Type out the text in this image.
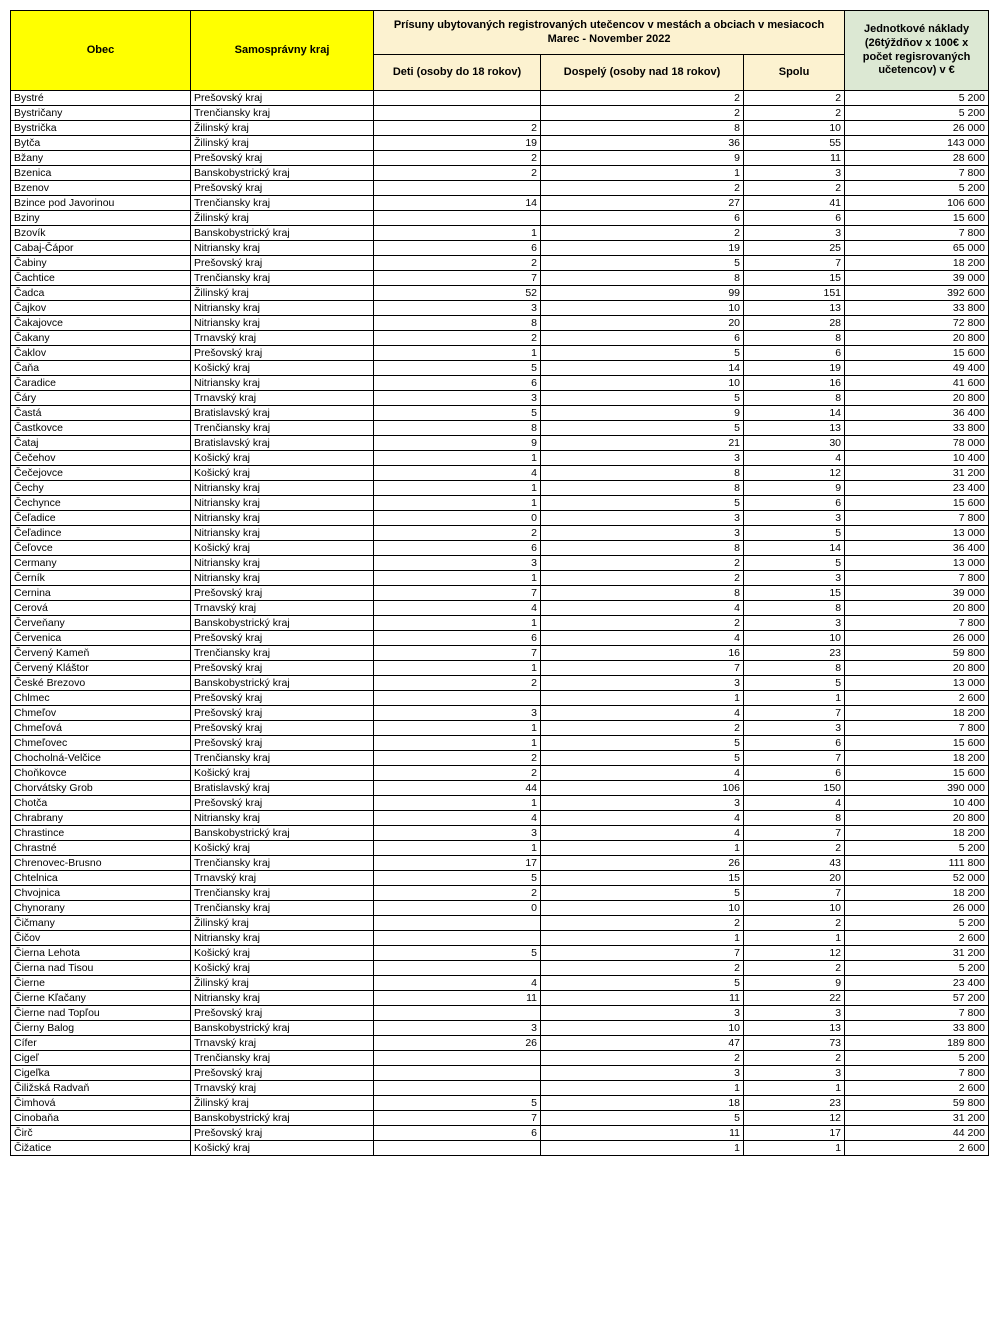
Obec	Samosprávny kraj	Prísuny ubytovaných registrovaných utečencov v mestách a obciach v mesiacoch Marec - November 2022			Jednotkové náklady (26týždňov x 100€ x počet regisrovaných učetencov) v €
		Deti (osoby do 18 rokov)	Dospelý (osoby nad 18 rokov)	Spolu	
Bystré	Prešovský kraj		2	2	5 200
Bystričany	Trenčiansky kraj		2	2	5 200
Bystrička	Žilinský kraj	2	8	10	26 000
Bytča	Žilinský kraj	19	36	55	143 000
Bžany	Prešovský kraj	2	9	11	28 600
Bzenica	Banskobystrický kraj	2	1	3	7 800
Bzenov	Prešovský kraj		2	2	5 200
Bzince pod Javorinou	Trenčiansky kraj	14	27	41	106 600
Bziny	Žilinský kraj		6	6	15 600
Bzovík	Banskobystrický kraj	1	2	3	7 800
Cabaj-Čápor	Nitriansky kraj	6	19	25	65 000
Čabiny	Prešovský kraj	2	5	7	18 200
Čachtice	Trenčiansky kraj	7	8	15	39 000
Čadca	Žilinský kraj	52	99	151	392 600
Čajkov	Nitriansky kraj	3	10	13	33 800
Čakajovce	Nitriansky kraj	8	20	28	72 800
Čakany	Trnavský kraj	2	6	8	20 800
Čaklov	Prešovský kraj	1	5	6	15 600
Čaňa	Košický kraj	5	14	19	49 400
Čaradice	Nitriansky kraj	6	10	16	41 600
Čáry	Trnavský kraj	3	5	8	20 800
Častá	Bratislavský kraj	5	9	14	36 400
Častkovce	Trenčiansky kraj	8	5	13	33 800
Čataj	Bratislavský kraj	9	21	30	78 000
Čečehov	Košický kraj	1	3	4	10 400
Čečejovce	Košický kraj	4	8	12	31 200
Čechy	Nitriansky kraj	1	8	9	23 400
Čechynce	Nitriansky kraj	1	5	6	15 600
Čeľadice	Nitriansky kraj	0	3	3	7 800
Čeľadince	Nitriansky kraj	2	3	5	13 000
Čeľovce	Košický kraj	6	8	14	36 400
Cermany	Nitriansky kraj	3	2	5	13 000
Černík	Nitriansky kraj	1	2	3	7 800
Cernina	Prešovský kraj	7	8	15	39 000
Cerová	Trnavský kraj	4	4	8	20 800
Červeňany	Banskobystrický kraj	1	2	3	7 800
Červenica	Prešovský kraj	6	4	10	26 000
Červený Kameň	Trenčiansky kraj	7	16	23	59 800
Červený Kláštor	Prešovský kraj	1	7	8	20 800
České Brezovo	Banskobystrický kraj	2	3	5	13 000
Chlmec	Prešovský kraj		1	1	2 600
Chmeľov	Prešovský kraj	3	4	7	18 200
Chmeľová	Prešovský kraj	1	2	3	7 800
Chmeľovec	Prešovský kraj	1	5	6	15 600
Chocholná-Velčice	Trenčiansky kraj	2	5	7	18 200
Choňkovce	Košický kraj	2	4	6	15 600
Chorvátsky Grob	Bratislavský kraj	44	106	150	390 000
Chotča	Prešovský kraj	1	3	4	10 400
Chrabrany	Nitriansky kraj	4	4	8	20 800
Chrastince	Banskobystrický kraj	3	4	7	18 200
Chrastné	Košický kraj	1	1	2	5 200
Chrenovec-Brusno	Trenčiansky kraj	17	26	43	111 800
Chtelnica	Trnavský kraj	5	15	20	52 000
Chvojnica	Trenčiansky kraj	2	5	7	18 200
Chynorany	Trenčiansky kraj	0	10	10	26 000
Čičmany	Žilinský kraj		2	2	5 200
Čičov	Nitriansky kraj		1	1	2 600
Čierna Lehota	Košický kraj	5	7	12	31 200
Čierna nad Tisou	Košický kraj		2	2	5 200
Čierne	Žilinský kraj	4	5	9	23 400
Čierne Kľačany	Nitriansky kraj	11	11	22	57 200
Čierne nad Topľou	Prešovský kraj		3	3	7 800
Čierny Balog	Banskobystrický kraj	3	10	13	33 800
Cífer	Trnavský kraj	26	47	73	189 800
Cigeľ	Trenčiansky kraj		2	2	5 200
Cigeľka	Prešovský kraj		3	3	7 800
Čiližská Radvaň	Trnavský kraj		1	1	2 600
Čimhová	Žilinský kraj	5	18	23	59 800
Cinobaňa	Banskobystrický kraj	7	5	12	31 200
Čirč	Prešovský kraj	6	11	17	44 200
Čižatice	Košický kraj		1	1	2 600
